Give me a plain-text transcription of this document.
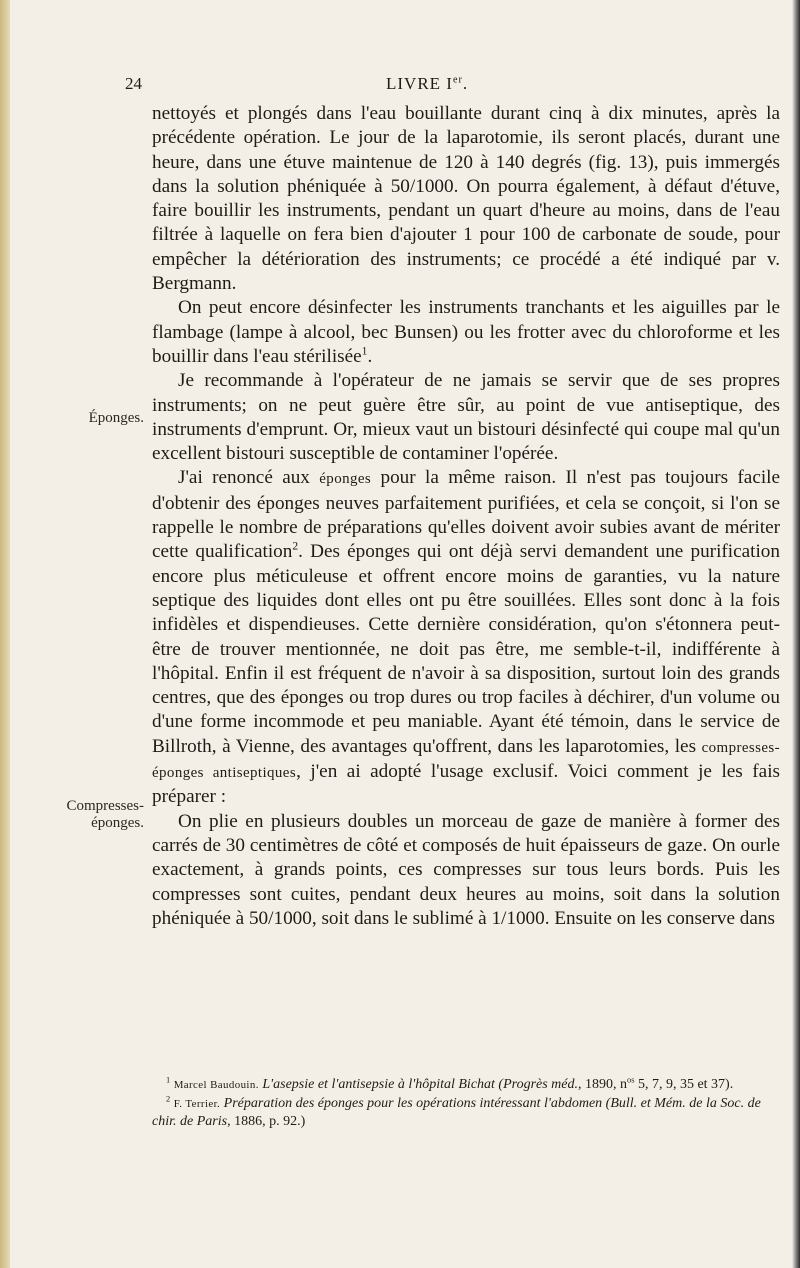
24	LIVRE Ier.
Éponges.
Compresses-
éponges.

nettoyés et plongés dans l'eau bouillante durant cinq à dix minutes, après la précédente opération. Le jour de la laparotomie, ils seront placés, durant une heure, dans une étuve maintenue de 120 à 140 degrés (fig. 13), puis immergés dans la solution phéniquée à 50/1000. On pourra également, à défaut d'étuve, faire bouillir les instruments, pendant un quart d'heure au moins, dans de l'eau filtrée à laquelle on fera bien d'ajouter 1 pour 100 de carbonate de soude, pour empêcher la détérioration des instruments; ce procédé a été indiqué par v. Bergmann.

On peut encore désinfecter les instruments tranchants et les aiguilles par le flambage (lampe à alcool, bec Bunsen) ou les frotter avec du chloroforme et les bouillir dans l'eau stérilisée$^1$.

Je recommande à l'opérateur de ne jamais se servir que de ses propres instruments; on ne peut guère être sûr, au point de vue antiseptique, des instruments d'emprunt. Or, mieux vaut un bistouri désinfecté qui coupe mal qu'un excellent bistouri susceptible de contaminer l'opérée.

J'ai renoncé aux éponges pour la même raison. Il n'est pas toujours facile d'obtenir des éponges neuves parfaitement purifiées, et cela se conçoit, si l'on se rappelle le nombre de préparations qu'elles doivent avoir subies avant de mériter cette qualification$^2$. Des éponges qui ont déjà servi demandent une purification encore plus méticuleuse et offrent encore moins de garanties, vu la nature septique des liquides dont elles ont pu être souillées. Elles sont donc à la fois infidèles et dispendieuses. Cette dernière considération, qu'on s'étonnera peut-être de trouver mentionnée, ne doit pas être, me semble-t-il, indifférente à l'hôpital. Enfin il est fréquent de n'avoir à sa disposition, surtout loin des grands centres, que des éponges ou trop dures ou trop faciles à déchirer, d'un volume ou d'une forme incommode et peu maniable. Ayant été témoin, dans le service de Billroth, à Vienne, des avantages qu'offrent, dans les laparotomies, les compresses-éponges antiseptiques, j'en ai adopté l'usage exclusif. Voici comment je les fais préparer :

On plie en plusieurs doubles un morceau de gaze de manière à former des carrés de 30 centimètres de côté et composés de huit épaisseurs de gaze. On ourle exactement, à grands points, ces compresses sur tous leurs bords. Puis les compresses sont cuites, pendant deux heures au moins, soit dans la solution phéniquée à 50/1000, soit dans le sublimé à 1/1000. Ensuite on les conserve dans

$^1$ Marcel Baudouin. L'asepsie et l'antisepsie à l'hôpital Bichat (Progrès méd., 1890, $n^{os}$ 5, 7, 9, 35 et 37).

$^2$ F. Terrier. Préparation des éponges pour les opérations intéressant l'abdomen (Bull. et Mém. de la Soc. de chir. de Paris, 1886, p. 92.)
